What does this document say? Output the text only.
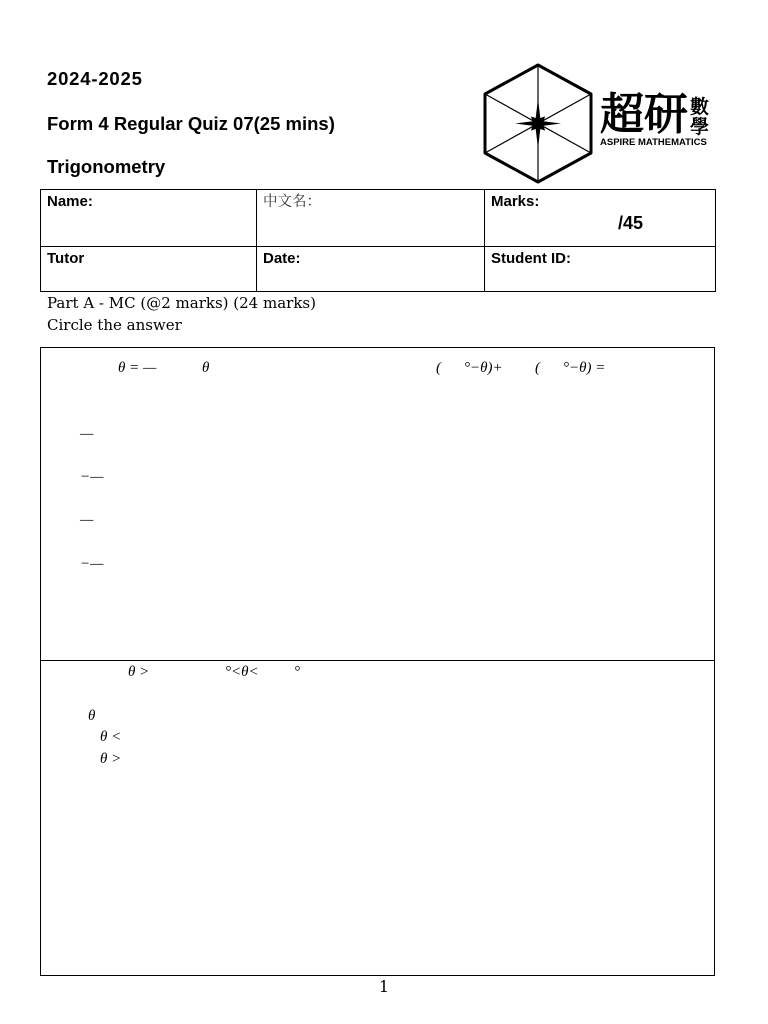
2024-2025
Form 4 Regular Quiz 07(25 mins)
Trigonometry
超研 數
學
ASPIRE MATHEMATICS
Name:	中文名：	Marks:
/45
Tutor	Date:	Student ID:
Part A - MC (@2 marks) (24 marks)
Circle the answer
θ = —	θ	( °−θ)+ ( °−θ) =
—
−—
—
−—
θ >	°<θ< °
θ
θ <
θ >
1
